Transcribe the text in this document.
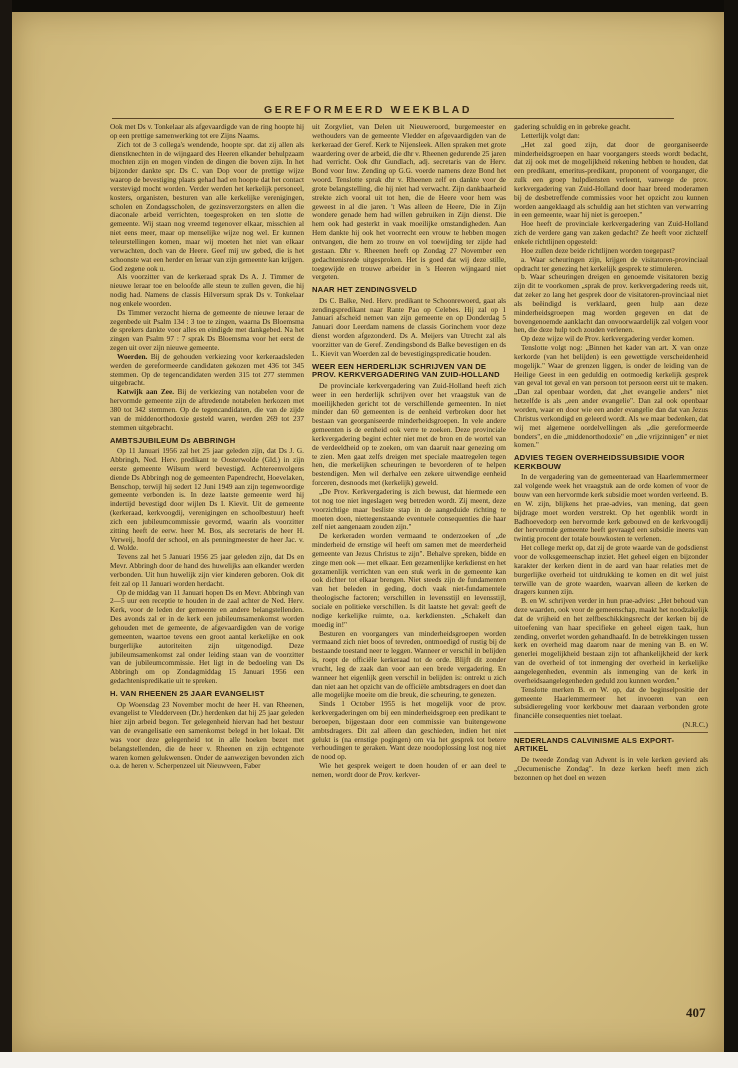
GEREFORMEERD WEEKBLAD

Ook met Ds v. Tonkelaar als afgevaardigde van de ring hoopte hij op een prettige samenwerking tot ere Zijns Naams.

Zich tot de 3 collega's wendende, hoopte spr. dat zij allen als dienstknechten in de wijngaard des Heeren elkander behulpzaam mochten zijn en mogen vinden de dingen die boven zijn. In het bijzonder dankte spr. Ds C. van Dop voor de prettige wijze waarop de bevestiging plaats gehad had en hoopte dat het contact verstevigd mocht worden. Verder werden het kerkelijk personeel, kosters, organisten, besturen van alle kerkelijke verenigingen, scholen en Zondagsscholen, de gezinsverzorgsters en allen die diaconale arbeid verrichten, toegesproken en ten slotte de gemeente. Wij staan nog vreemd tegenover elkaar, misschien al niet eens meer, maar op menselijke wijze nog wel. Er kunnen teleurstellingen komen, maar wij moeten het niet van elkaar verwachten, doch van de Heere. Geef mij uw gebed, die is het schoonste wat een herder en leraar van zijn gemeente kan krijgen. God zegene ook u.

Als voorzitter van de kerkeraad sprak Ds A. J. Timmer de nieuwe leraar toe en beloofde alle steun te zullen geven, die hij nodig had. Namens de classis Hilversum sprak Ds v. Tonkelaar nog enkele woorden.

Ds Timmer verzocht hierna de gemeente de nieuwe leraar de zegenbede uit Psalm 134 : 3 toe te zingen, waarna Ds Bloemsma de sprekers dankte voor alles en eindigde met dankgebed. Na het zingen van Psalm 97 : 7 sprak Ds Bloemsma voor het eerst de zegen uit over zijn nieuwe gemeente.

Woerden. Bij de gehouden verkiezing voor kerkeraadsleden werden de gereformeerde candidaten gekozen met 436 tot 345 stemmen. Op de tegencandidaten werden 315 tot 277 stemmen uitgebracht.

Katwijk aan Zee. Bij de verkiezing van notabelen voor de hervormde gemeente zijn de aftredende notabelen herkozen met 380 tot 342 stemmen. Op de tegencandidaten, die van de zijde van de middenorthodoxie gesteld waren, werden 269 tot 237 stemmen uitgebracht.

AMBTSJUBILEUM Ds ABBRINGH

Op 11 Januari 1956 zal het 25 jaar geleden zijn, dat Ds J. G. Abbringh, Ned. Herv. predikant te Oosterwolde (Gld.) in zijn eerste gemeente Wilsum werd bevestigd. Achtereenvolgens diende Ds Abbringh nog de gemeenten Papendrecht, Hoevelaken, Benschop, terwijl hij sedert 12 Juni 1949 aan zijn tegenwoordige gemeente verbonden is. In deze laatste gemeente werd hij indertijd bevestigd door wijlen Ds I. Kievit. Uit de gemeente (kerkeraad, kerkvoogdij, verenigingen en schoolbestuur) heeft zich een jubileumcommissie gevormd, waarin als voorzitter zitting heeft de eerw. heer M. Bos, als secretaris de heer H. Verweij, hoofd der school, en als penningmeester de heer Jac. v. d. Wolde.

Tevens zal het 5 Januari 1956 25 jaar geleden zijn, dat Ds en Mevr. Abbringh door de hand des huwelijks aan elkander werden verbonden. Uit hun huwelijk zijn vier kinderen geboren. Ook dit feit zal op 11 Januari worden herdacht.

Op de middag van 11 Januari hopen Ds en Mevr. Abbringh van 2—5 uur een receptie te houden in de zaal achter de Ned. Herv. Kerk, voor de leden der gemeente en andere belangstellenden. Des avonds zal er in de kerk een jubileumsamenkomst worden gehouden met de gemeente, de afgevaardigden van de vorige gemeenten, waartoe tevens een groot aantal kerkelijke en ook burgerlijke autoriteiten zijn uitgenodigd. Deze jubileumsamenkomst zal onder leiding staan van de voorzitter van de jubileumcommissie. Het ligt in de bedoeling van Ds Abbringh om op Zondagmiddag 15 Januari 1956 een gedachtenispredikatie uit te spreken.

H. VAN RHEENEN 25 JAAR EVANGELIST

Op Woensdag 23 November mocht de heer H. van Rheenen, evangelist te Vledderveen (Dr.) herdenken dat hij 25 jaar geleden hier zijn arbeid begon. Ter gelegenheid hiervan had het bestuur van de evangelisatie een samenkomst belegd in het lokaal. Dit was voor deze gelegenheid tot in alle hoeken bezet met belangstellenden, die de heer v. Rheenen en zijn echtgenote waren komen gelukwensen. Onder de aanwezigen bevonden zich o.a. de heren v. Scherpenzeel uit Nieuwveen, Faber

uit Zorgvliet, van Delen uit Nieuweroord, burgemeester en wethouders van de gemeente Vledder en afgevaardigden van de kerkeraad der Geref. Kerk te Nijensleek. Allen spraken met grote waardering over de arbeid, die dhr v. Rheenen gedurende 25 jaren had verricht. Ook dhr Gundlach, adj. secretaris van de Herv. Bond voor Inw. Zending op G.G. voerde namens deze Bond het woord. Tenslotte sprak dhr v. Rheenen zelf en dankte voor de grote belangstelling, die hij niet had verwacht. Zijn dankbaarheid strekte zich vooral uit tot hen, die de Heere voor hem was geweest in al die jaren. 't Was alleen de Heere, Die in Zijn wondere genade hem had willen gebruiken in Zijn dienst. Die hem ook had gesterkt in vaak moeilijke omstandigheden. Aan Hem dankte hij ook het voorrecht een vrouw te hebben mogen ontvangen, die hem zo trouw en vol toewijding ter zijde had gestaan. Dhr v. Rheenen heeft op Zondag 27 November een gedachtenisrede uitgesproken. Het is goed dat wij deze stille, toegewijde en trouwe arbeider in 's Heeren wijngaard niet vergeten.

NAAR HET ZENDINGSVELD

Ds C. Balke, Ned. Herv. predikant te Schoonrewoerd, gaat als zendingspredikant naar Rante Pao op Celebes. Hij zal op 1 Januari afscheid nemen van zijn gemeente en op Donderdag 5 Januari door Leerdam namens de classis Gorinchem voor deze dienst worden afgezonderd. Ds A. Meijers van Utrecht zal als voorzitter van de Geref. Zendingsbond ds Balke bevestigen en ds L. Kievit van Woerden zal de bevestigingspredicatie houden.

WEER EEN HERDERLIJK SCHRIJVEN VAN DE PROV. KERKVERGADERING VAN ZUID-HOLLAND

De provinciale kerkvergadering van Zuid-Holland heeft zich weer in een herderlijk schrijven over het vraagstuk van de moeilijkheden gericht tot de verschillende gemeenten. In niet minder dan 60 gemeenten is de eenheid verbroken door het bestaan van georganiseerde minderheidsgroepen. In vele andere gemeenten is de eenheid ook verre te zoeken. Deze provinciale kerkvergadering begint echter niet met de bron en de wortel van de verdeeldheid op te zoeken, om van daaruit naar genezing om te zien. Men gaat zelfs dreigen met speciale maatregelen tegen hen, die merkelijken scheuringen te bevorderen of te helpen bestendigen. Men wil derhalve een zekere uitwendige eenheid forceren, desnoods met (kerkelijk) geweld.

„De Prov. Kerkvergadering is zich bewust, dat hiermede een tot nog toe niet ingeslagen weg betreden wordt. Zij meent, deze voorzichtige maar besliste stap in de aangeduide richting te moeten doen, niettegenstaande eventuele consequenties die haar zelf niet aangenaam zouden zijn."

De kerkeraden worden vermaand te onderzoeken of „de minderheid de ernstige wil heeft om samen met de meerderheid gemeente van Jezus Christus te zijn". Behalve spreken, bidde en zinge men ook — met elkaar. Een gezamenlijke kerkdienst en het gezamenlijk verrichten van een stuk werk in de gemeente kan ook dichter tot elkaar brengen. Niet steeds zijn de fundamenten van het beleden in geding, doch vaak niet-fundamentele theologische factoren; verschillen in levensstijl en levensstijl, sociale en politieke verschillen. Is dit laatste het geval: geeft de nodige kerkelijke ruimte, o.a. kerkdiensten. „Schakelt dan moedig in!"

Besturen en voorgangers van minderheidsgroepen worden vermaand zich niet boos of tevreden, ontmoedigd of rustig bij de bestaande toestand neer te leggen. Wanneer er verschil in belijden is, roept de officiële kerkeraad tot de orde. Blijft dit zonder vrucht, leg de zaak dan voor aan een brede vergadering. En wanneer het eigenlijk geen verschil in belijden is: ontrekt u zich dan niet aan het opzicht van de officiële ambtsdragers en doet dan alle mogelijke moeite om die breuk, die scheuring, te genezen.

Sinds 1 October 1955 is het mogelijk voor de prov. kerkvergaderingen om bij een minderheidsgroep een predikant te beroepen, bijgestaan door een commissie van buitengewone ambtsdragers. Dit zal alleen dan geschieden, indien het niet gelukt is (na ernstige pogingen) om via het gesprek tot betere verhoudingen te geraken. Want deze noodoplossing lost nog niet de nood op.

Wie het gesprek weigert te doen houden of er aan deel te nemen, wordt door de Prov. kerkver-

gadering schuldig en in gebreke geacht.

Letterlijk volgt dan:

„Het zal goed zijn, dat door de georganiseerde minderheidsgroepen en haar voorgangers steeds wordt bedacht, dat zij ook met de mogelijkheid rekening hebben te houden, dat een predikant, emeritus-predikant, proponent of voorganger, die zulk een groep hulpdiensten verleent, vanwege de prov. kerkvergadering van Zuid-Holland door haar breed moderamen bij de desbetreffende commissies voor het opzicht zou kunnen worden aangeklaagd als schuldig aan het stichten van verwarring in een gemeente, waar hij niet is geroepen."

Hoe heeft de provinciale kerkvergadering van Zuid-Holland zich de verdere gang van zaken gedacht? Ze heeft voor zichzelf enkele richtlijnen opgesteld:

Hoe zullen deze beide richtlijnen worden toegepast?

a. Waar scheuringen zijn, krijgen de visitatoren-provinciaal opdracht ter genezing het kerkelijk gesprek te stimuleren.

b. Waar scheuringen dreigen en genoemde visitatoren bezig zijn dit te voorkomen „sprak de prov. kerkvergadering reeds uit, dat zeker zo lang het gesprek door de visitatoren-provinciaal niet als beëindigd is verklaard, geen hulp aan deze minderheidsgroepen mag worden gegeven en dat de bovengenoemde aanklacht dan onvoorwaardelijk zal volgen voor hen, die deze hulp toch zouden verlenen.

Op deze wijze wil de Prov. kerkvergadering verder komen.

Tenslotte volgt nog: „Binnen het kader van art. X van onze kerkorde (van het belijden) is een gewettigde verscheidenheid mogelijk." Waar de grenzen liggen, is onder de leiding van de Heilige Geest in een geduldig en ootmoedig kerkelijk gesprek van geval tot geval en van persoon tot persoon eerst uit te maken. „Dan zal openbaar worden, dat „het evangelie anders" niet hetzelfde is als „een ander evangelie". Dan zal ook openbaar worden, waar en door wie een ander evangelie dan dat van Jezus Christus verkondigd en geleerd wordt. Als we maar bedenken, dat wij met algemene oordelvellingen als „die gereformeerde bonders", en die „middenorthodoxie" en „die vrijzinnigen" er niet komen."

ADVIES TEGEN OVERHEIDSSUBSIDIE VOOR KERKBOUW

In de vergadering van de gemeenteraad van Haarlemmermeer zal volgende week het vraagstuk aan de orde komen of voor de bouw van een hervormde kerk subsidie moet worden verleend. B. en W. zijn, blijkens het prae-advies, van mening, dat geen bijdrage moet worden verstrekt. Op het ogenblik wordt in Badhoevedorp een hervormde kerk gebouwd en de kerkvoogdij der hervormde gemeente heeft gevraagd een subsidie ineens van twintig procent der totale bouwkosten te verlenen.

Het college merkt op, dat zij de grote waarde van de godsdienst voor de volksgemeenschap inziet. Het geheel eigen en bijzonder karakter der kerken dient in de aard van haar relaties met de burgerlijke overheid tot uitdrukking te komen en dit wel juist terwille van de grote waarden, waarvan alleen de kerken de dragers kunnen zijn.

B. en W. schrijven verder in hun prae-advies: „Het behoud van deze waarden, ook voor de gemeenschap, maakt het noodzakelijk dat de vrijheid en het zelfbeschikkingsrecht der kerken bij de uitoefening van haar specifieke en geheel eigen taak, hun zending, onverlet worden gehandhaafd. In de betrekkingen tussen kerk en overheid mag daarom naar de mening van B. en W. generlei mogelijkheid bestaan zijn tot afhankelijkheid der kerk van de overheid of tot inmenging der overheid in kerkelijke aangelegenheden, evenmin als inmenging van de kerk in overheidsaangelegenheden geduld zou kunnen worden."

Tenslotte merken B. en W. op, dat de beginselpositie der gemeente Haarlemmermeer het invoeren van een subsidieregeling voor kerkbouw met daaraan verbonden grote financiële consequenties niet toelaat.

(N.R.C.)
NEDERLANDS CALVINISME ALS EXPORT-ARTIKEL

De tweede Zondag van Advent is in vele kerken gevierd als „Oecumenische Zondag". In deze kerken heeft men zich bezonnen op het doel en wezen

407
